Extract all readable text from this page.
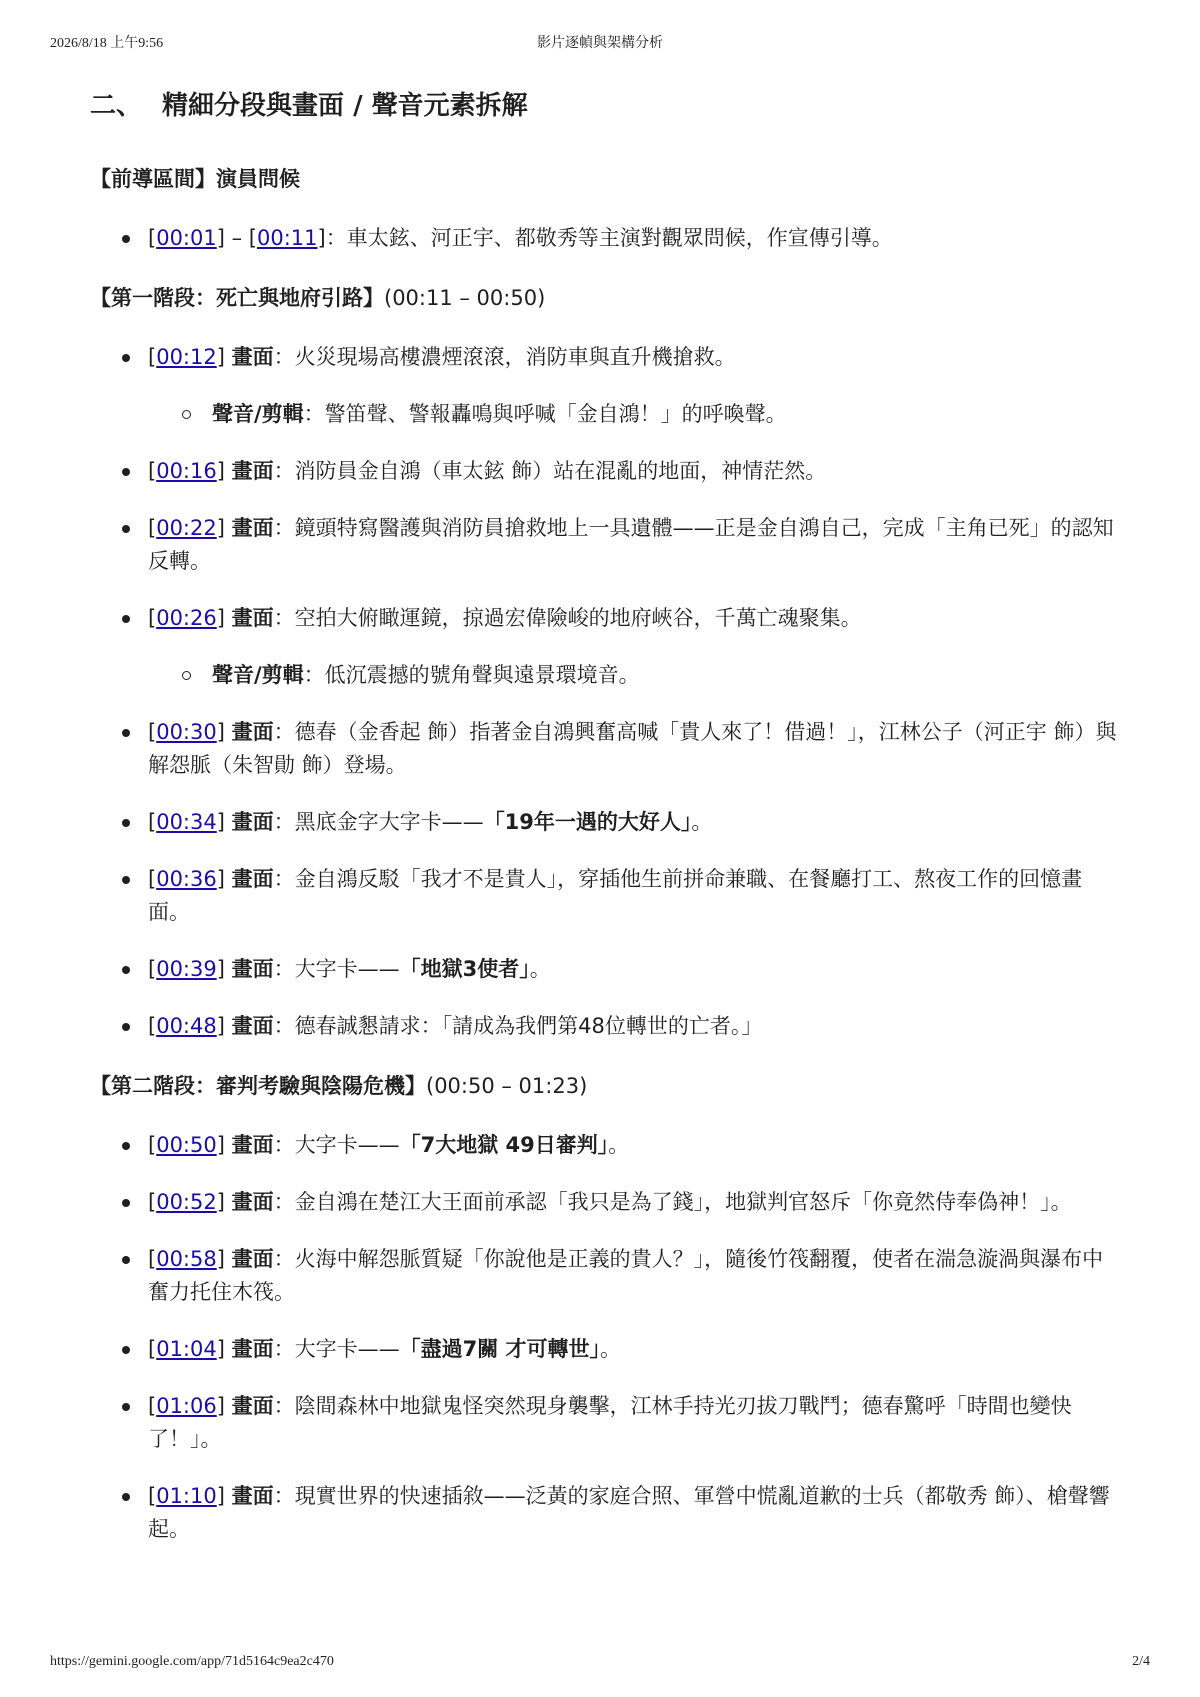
2026/8/18 上午9:56	影片逐幀與架構分析
二、 精細分段與畫面 / 聲音元素拆解
【前導區間】演員問候
[00:01] – [00:11]：車太鉉、河正宇、都敬秀等主演對觀眾問候，作宣傳引導。
【第一階段：死亡與地府引路】(00:11 – 00:50)
[00:12] 畫面：火災現場高樓濃煙滾滾，消防車與直升機搶救。
聲音/剪輯：警笛聲、警報轟鳴與呼喊「金自鴻！」的呼喚聲。
[00:16] 畫面：消防員金自鴻（車太鉉 飾）站在混亂的地面，神情茫然。
[00:22] 畫面：鏡頭特寫醫護與消防員搶救地上一具遺體——正是金自鴻自己，完成「主角已死」的認知反轉。
[00:26] 畫面：空拍大俯瞰運鏡，掠過宏偉險峻的地府峽谷，千萬亡魂聚集。
聲音/剪輯：低沉震撼的號角聲與遠景環境音。
[00:30] 畫面：德春（金香起 飾）指著金自鴻興奮高喊「貴人來了！借過！」，江林公子（河正宇 飾）與解怨脈（朱智勛 飾）登場。
[00:34] 畫面：黑底金字大字卡——「19年一遇的大好人」。
[00:36] 畫面：金自鴻反駁「我才不是貴人」，穿插他生前拼命兼職、在餐廳打工、熬夜工作的回憶畫面。
[00:39] 畫面：大字卡——「地獄3使者」。
[00:48] 畫面：德春誠懇請求：「請成為我們第48位轉世的亡者。」
【第二階段：審判考驗與陰陽危機】(00:50 – 01:23)
[00:50] 畫面：大字卡——「7大地獄 49日審判」。
[00:52] 畫面：金自鴻在楚江大王面前承認「我只是為了錢」，地獄判官怒斥「你竟然侍奉偽神！」。
[00:58] 畫面：火海中解怨脈質疑「你說他是正義的貴人？」，隨後竹筏翻覆，使者在湍急漩渦與瀑布中奮力托住木筏。
[01:04] 畫面：大字卡——「盡過7關 才可轉世」。
[01:06] 畫面：陰間森林中地獄鬼怪突然現身襲擊，江林手持光刃拔刀戰鬥；德春驚呼「時間也變快了！」。
[01:10] 畫面：現實世界的快速插敘——泛黃的家庭合照、軍營中慌亂道歉的士兵（都敬秀 飾）、槍聲響起。
https://gemini.google.com/app/71d5164c9ea2c470	2/4
